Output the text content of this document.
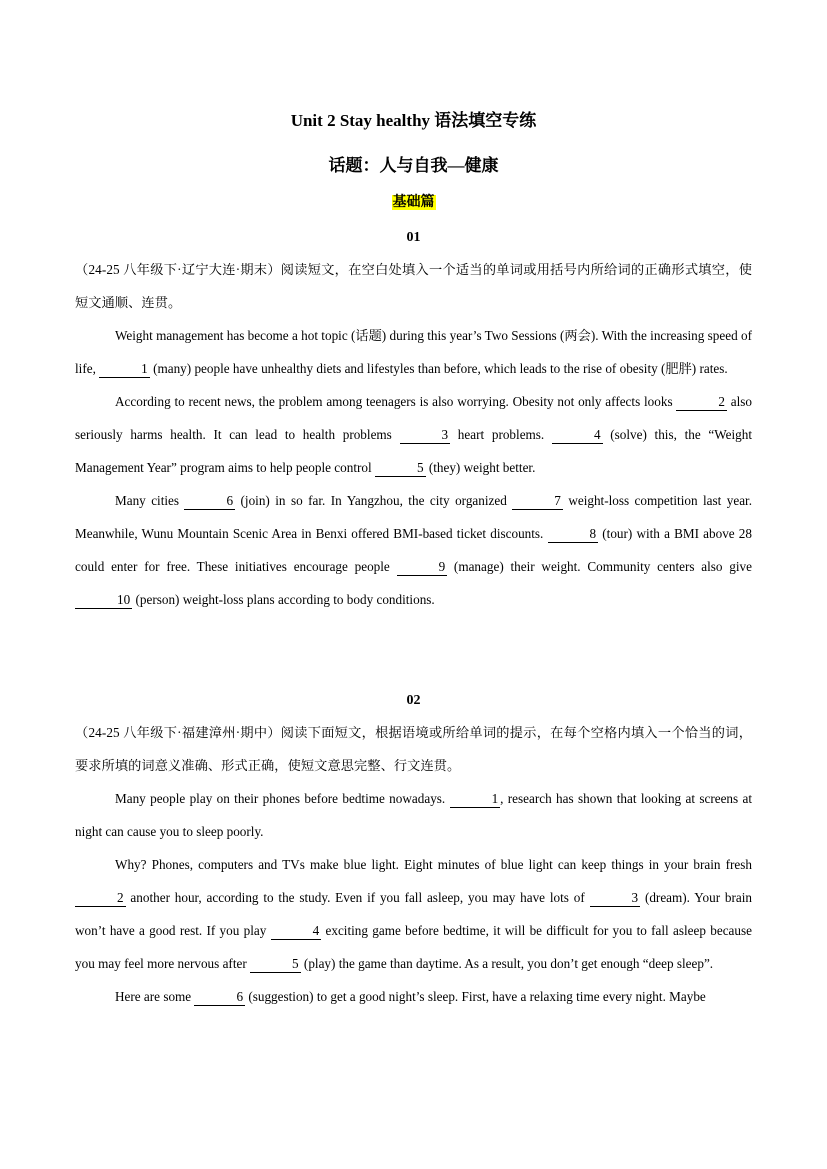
Unit 2 Stay healthy 语法填空专练
话题：人与自我—健康
基础篇
01

（24-25 八年级下·辽宁大连·期末）阅读短文，在空白处填入一个适当的单词或用括号内所给词的正确形式填空，使短文通顺、连贯。

Weight management has become a hot topic (话题) during this year’s Two Sessions (两会). With the increasing speed of life,	1 (many) people have unhealthy diets and lifestyles than before, which leads to the rise of obesity (肥胖) rates.

According to recent news, the problem among teenagers is also worrying. Obesity not only affects looks	2 also seriously harms health. It can lead to health problems	3 heart problems.	4 (solve) this, the “Weight Management Year” program aims to help people control	5 (they) weight better.

Many cities	6 (join) in so far. In Yangzhou, the city organized	7 weight-loss competition last year. Meanwhile, Wunu Mountain Scenic Area in Benxi offered BMI-based ticket discounts.	8 (tour) with a BMI above 28 could enter for free. These initiatives encourage people	9 (manage) their weight. Community centers also give 10 (person) weight-loss plans according to body conditions.

02

（24-25 八年级下·福建漳州·期中）阅读下面短文，根据语境或所给单词的提示，在每个空格内填入一个恰当的词，要求所填的词意义准确、形式正确，使短文意思完整、行文连贯。

Many people play on their phones before bedtime nowadays.	1 , research has shown that looking at screens at night can cause you to sleep poorly.

Why? Phones, computers and TVs make blue light. Eight minutes of blue light can keep things in your brain fresh 2 another hour, according to the study. Even if you fall asleep, you may have lots of	3 (dream). Your brain won’t have a good rest. If you play	4 exciting game before bedtime, it will be difficult for you to fall asleep because you may feel more nervous after	5 (play) the game than daytime. As a result, you don’t get enough “deep sleep”.

Here are some	6 (suggestion) to get a good night’s sleep. First, have a relaxing time every night. Maybe
